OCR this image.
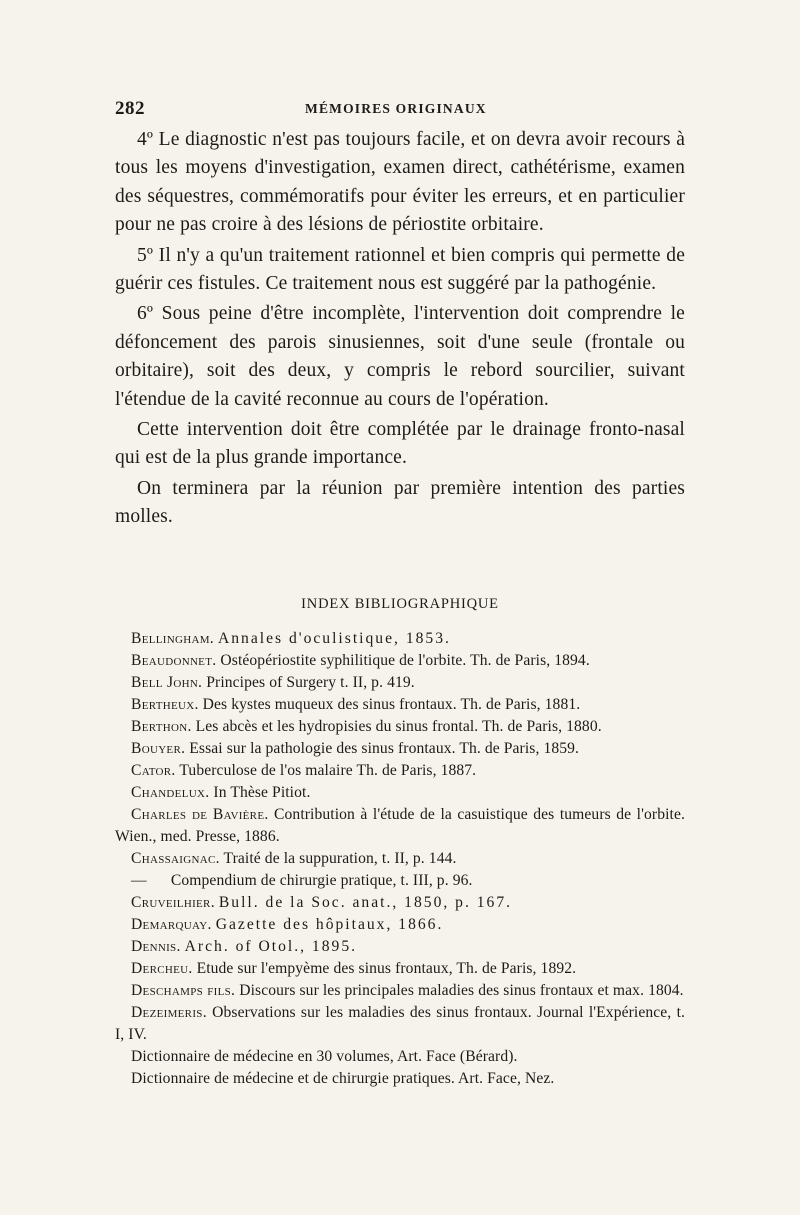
282	MÉMOIRES ORIGINAUX

4º Le diagnostic n'est pas toujours facile, et on devra avoir recours à tous les moyens d'investigation, examen direct, cathétérisme, examen des séquestres, commémoratifs pour éviter les erreurs, et en particulier pour ne pas croire à des lésions de périostite orbitaire.

5º Il n'y a qu'un traitement rationnel et bien compris qui permette de guérir ces fistules. Ce traitement nous est suggéré par la pathogénie.

6º Sous peine d'être incomplète, l'intervention doit comprendre le défoncement des parois sinusiennes, soit d'une seule (frontale ou orbitaire), soit des deux, y compris le rebord sourcilier, suivant l'étendue de la cavité reconnue au cours de l'opération.

Cette intervention doit être complétée par le drainage fronto-nasal qui est de la plus grande importance.

On terminera par la réunion par première intention des parties molles.

INDEX BIBLIOGRAPHIQUE
Bellingham. Annales d'oculistique, 1853.
Beaudonnet. Ostéopériostite syphilitique de l'orbite. Th. de Paris, 1894.
Bell John. Principes of Surgery t. II, p. 419.
Bertheux. Des kystes muqueux des sinus frontaux. Th. de Paris, 1881.
Berthon. Les abcès et les hydropisies du sinus frontal. Th. de Paris, 1880.
Bouyer. Essai sur la pathologie des sinus frontaux. Th. de Paris, 1859.
Cator. Tuberculose de l'os malaire Th. de Paris, 1887.
Chandelux. In Thèse Pitiot.
Charles de Bavière. Contribution à l'étude de la casuistique des tumeurs de l'orbite. Wien., med. Presse, 1886.
Chassaignac. Traité de la suppuration, t. II, p. 144.
— Compendium de chirurgie pratique, t. III, p. 96.
Cruveilhier. Bull. de la Soc. anat., 1850, p. 167.
Demarquay. Gazette des hôpitaux, 1866.
Dennis. Arch. of Otol., 1895.
Dercheu. Etude sur l'empyème des sinus frontaux, Th. de Paris, 1892.
Deschamps fils. Discours sur les principales maladies des sinus frontaux et max. 1804.
Dezeimeris. Observations sur les maladies des sinus frontaux. Journal l'Expérience, t. I, IV.
Dictionnaire de médecine en 30 volumes, Art. Face (Bérard).
Dictionnaire de médecine et de chirurgie pratiques. Art. Face, Nez.
